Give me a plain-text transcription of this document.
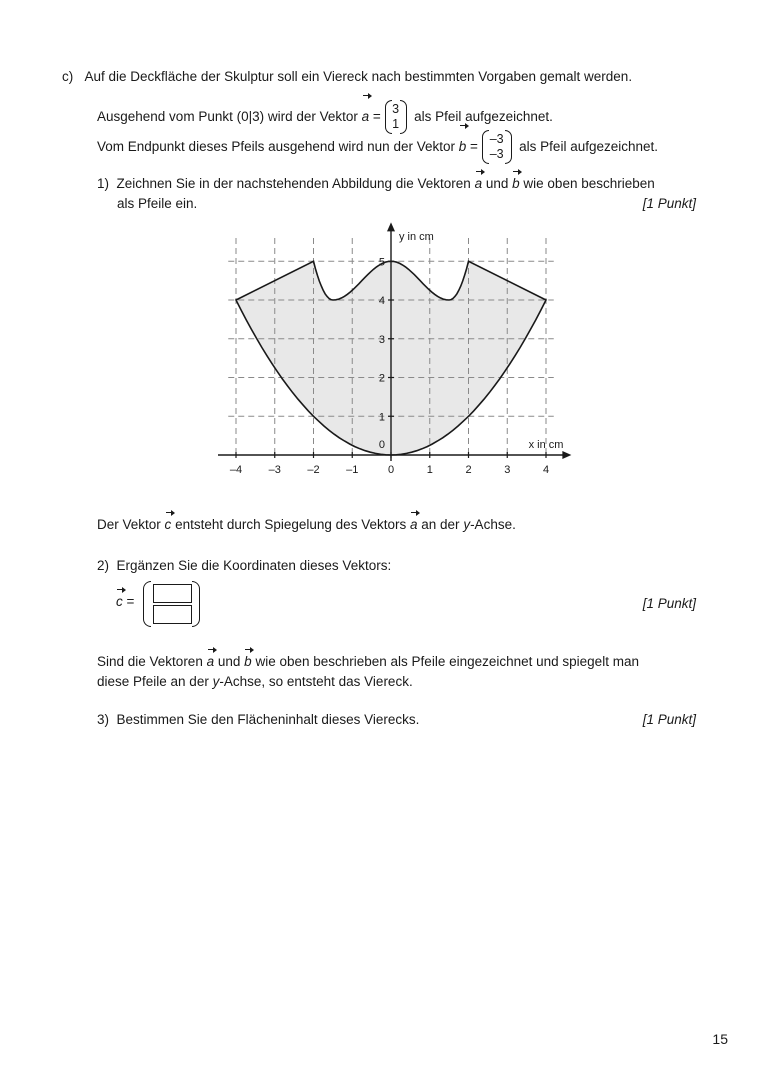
c) Auf die Deckfläche der Skulptur soll ein Viereck nach bestimmten Vorgaben gemalt werden.
Ausgehend vom Punkt (0|3) wird der Vektor a = 3
1
als Pfeil aufgezeichnet.
Vom Endpunkt dieses Pfeils ausgehend wird nun der Vektor b = –3
–3
als Pfeil aufgezeichnet.
1) Zeichnen Sie in der nachstehenden Abbildung die Vektoren a und b wie oben beschrieben
als Pfeile ein.	[1 Punkt]
–4 –3 –2 –1	1	2	3	4
0
0
1
2
3
4
5
y in cm
x in cm
Der Vektor c entsteht durch Spiegelung des Vektors a an der y-Achse.
2) Ergänzen Sie die Koordinaten dieses Vektors:
c =	[1 Punkt]
Sind die Vektoren a und b wie oben beschrieben als Pfeile eingezeichnet und spiegelt man
diese Pfeile an der y-Achse, so entsteht das Viereck.
3) Bestimmen Sie den Flächeninhalt dieses Vierecks.	[1 Punkt]
15
